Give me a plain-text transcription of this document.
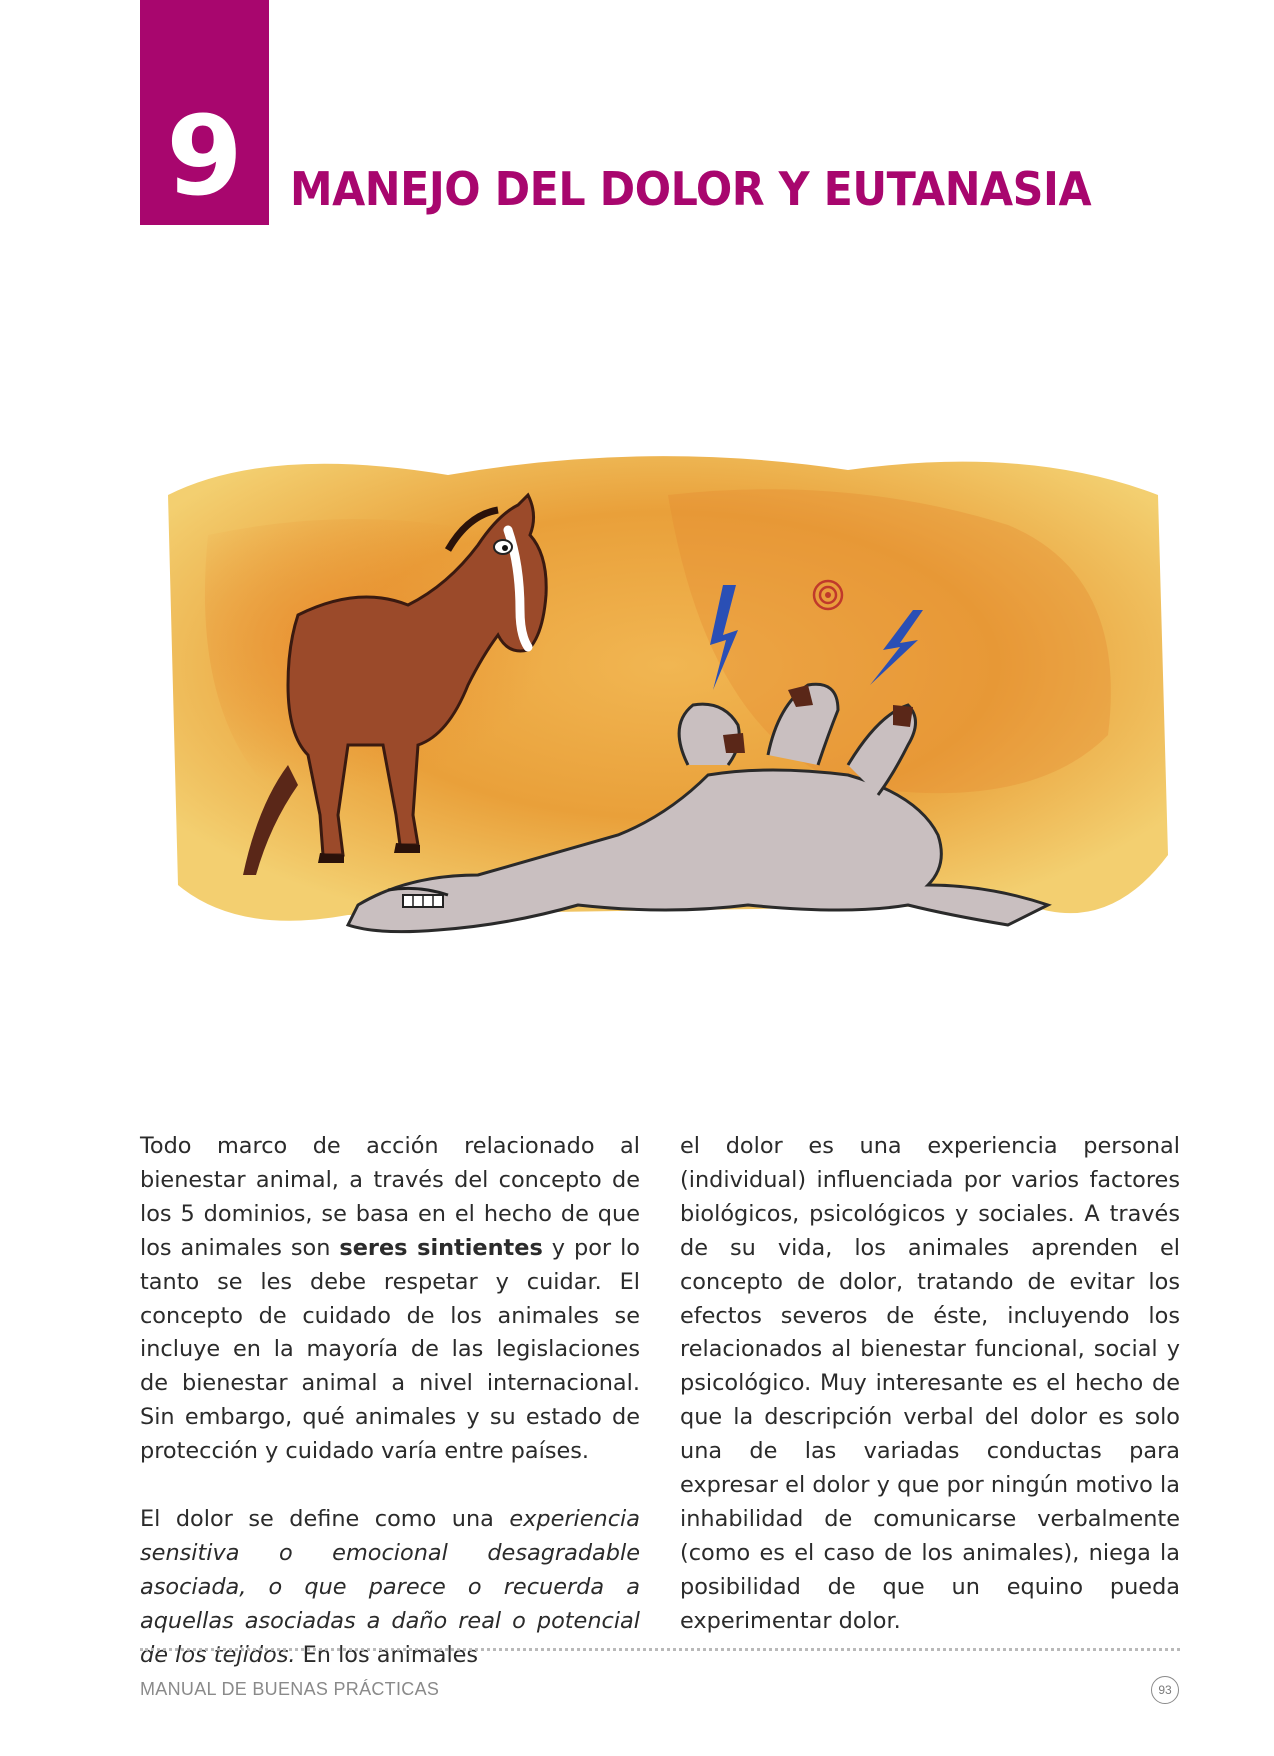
9	MANEJO DEL DOLOR Y EUTANASIA

Todo marco de acción relacionado al bienestar animal, a través del concepto de los 5 dominios, se basa en el hecho de que los animales son seres sintientes y por lo tanto se les debe respetar y cuidar. El concepto de cuidado de los animales se incluye en la mayoría de las legislaciones de bienestar animal a nivel internacional. Sin embargo, qué animales y su estado de protección y cuidado varía entre países.

El dolor se define como una experiencia sensitiva o emocional desagradable asociada, o que parece o recuerda a aquellas asociadas a daño real o potencial de los tejidos. En los animales

el dolor es una experiencia personal (individual) influenciada por varios factores biológicos, psicológicos y sociales. A través de su vida, los animales aprenden el concepto de dolor, tratando de evitar los efectos severos de éste, incluyendo los relacionados al bienestar funcional, social y psicológico. Muy interesante es el hecho de que la descripción verbal del dolor es solo una de las variadas conductas para expresar el dolor y que por ningún motivo la inhabilidad de comunicarse verbalmente (como es el caso de los animales), niega la posibilidad de que un equino pueda experimentar dolor.

MANUAL DE BUENAS PRÁCTICAS	93
